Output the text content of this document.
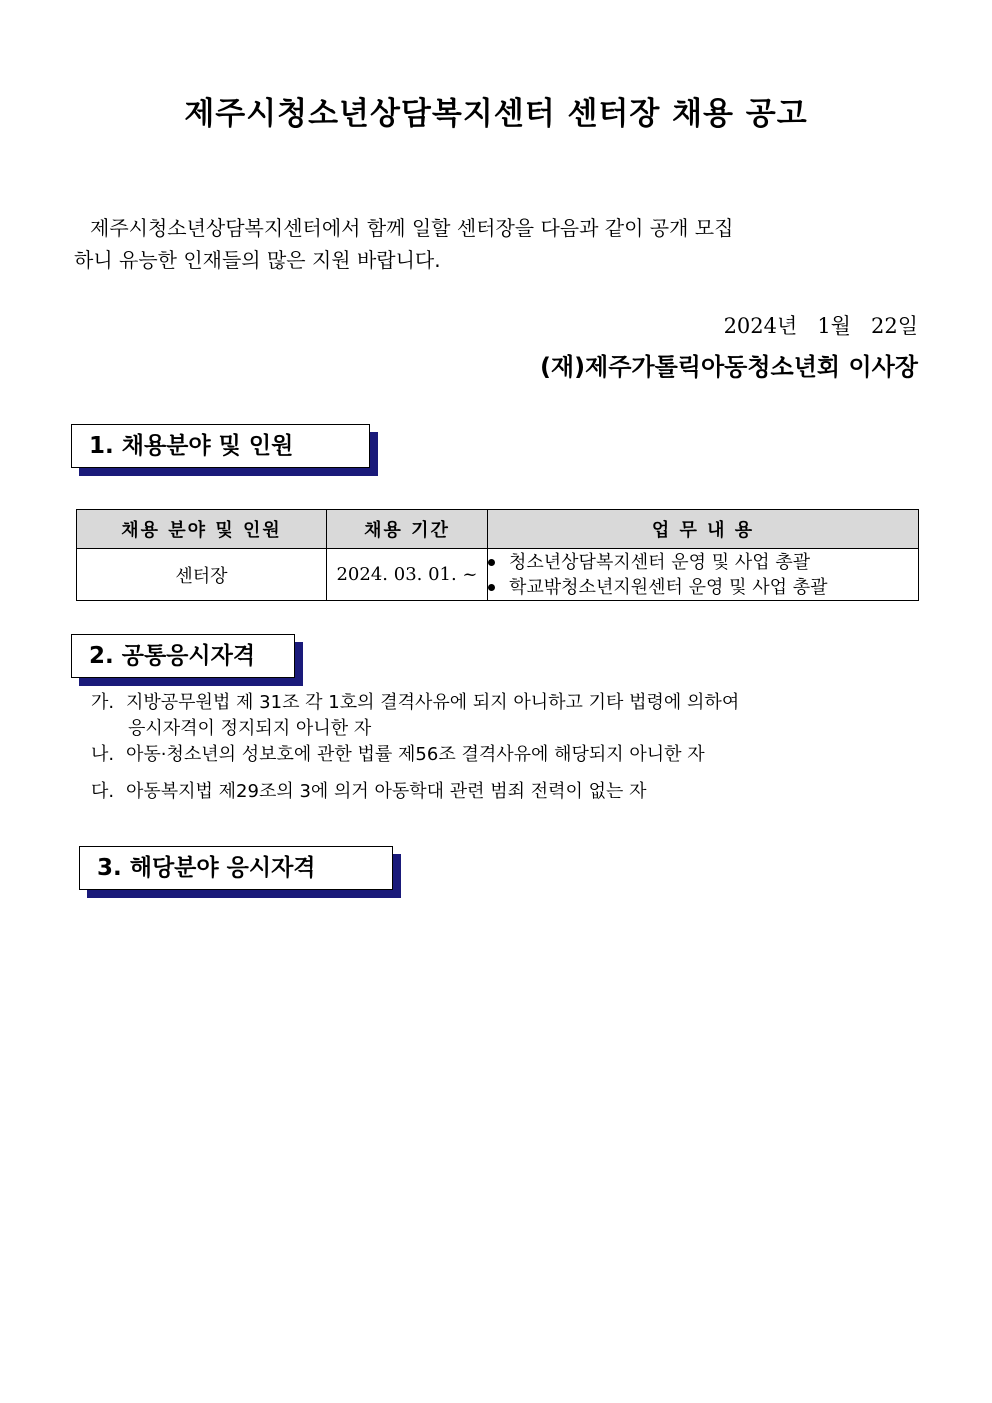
제주시청소년상담복지센터 센터장 채용 공고
제주시청소년상담복지센터에서 함께 일할 센터장을 다음과 같이 공개 모집
하니 유능한 인재들의 많은 지원 바랍니다.
2024년   1월   22일
(재)제주가톨릭아동청소년회 이사장
1. 채용분야 및 인원
채용 분야 및 인원	채용 기간	업 무 내 용
센터장	2024. 03. 01. ~	청소년상담복지센터 운영 및 사업 총괄
학교밖청소년지원센터 운영 및 사업 총괄
2. 공통응시자격
가. 지방공무원법 제 31조 각 1호의 결격사유에 되지 아니하고 기타 법령에 의하여
응시자격이 정지되지 아니한 자
나. 아동·청소년의 성보호에 관한 법률 제56조 결격사유에 해당되지 아니한 자
다. 아동복지법 제29조의 3에 의거 아동학대 관련 범죄 전력이 없는 자
3. 해당분야 응시자격
